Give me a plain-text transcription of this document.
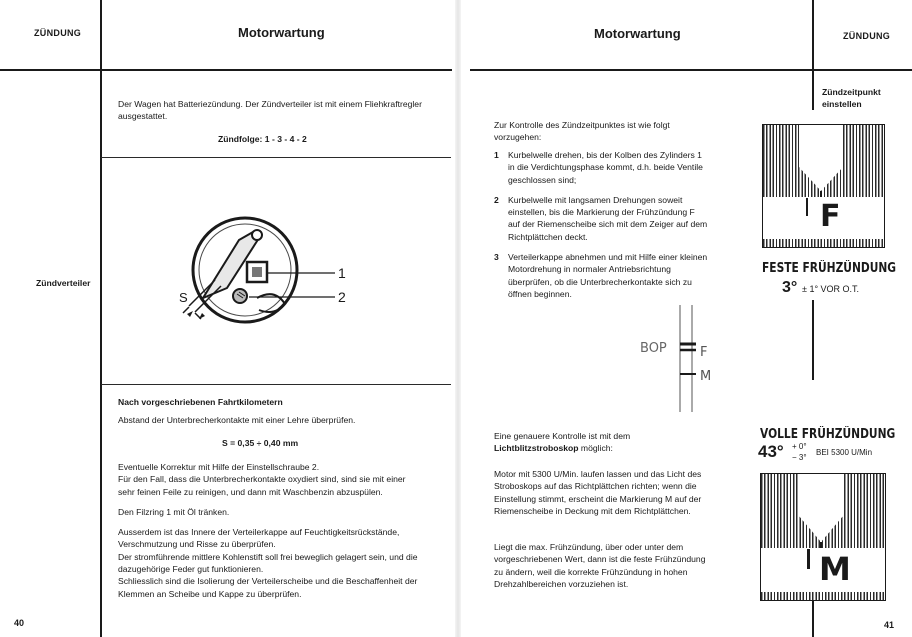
ZÜNDUNG	Motorwartung
Der Wagen hat Batteriezündung. Der Zündverteiler ist mit einem Fliehkraftregler ausgestattet.
Zündfolge: 1 - 3 - 4 - 2
Zündverteiler
S
1
2
Nach vorgeschriebenen Fahrtkilometern
Abstand der Unterbrecherkontakte mit einer Lehre überprüfen.
S = 0,35 ÷ 0,40 mm
Eventuelle Korrektur mit Hilfe der Einstellschraube 2.

Für den Fall, dass die Unterbrecherkontakte oxydiert sind, sind sie mit einer sehr feinen Feile zu reinigen, und dann mit Waschbenzin abzuspülen.

Den Filzring 1 mit Öl tränken.

Ausserdem ist das Innere der Verteilerkappe auf Feuchtigkeitsrückstände, Verschmutzung und Risse zu überprüfen.
Der stromführende mittlere Kohlenstift soll frei beweglich gelagert sein, und die dazugehörige Feder gut funktionieren.
Schliesslich sind die Isolierung der Verteilerscheibe und die Beschaffenheit der Klemmen an Scheibe und Kappe zu überprüfen.
40
Motorwartung	ZÜNDUNG
Zündzeitpunkt einstellen
Zur Kontrolle des Zündzeitpunktes ist wie folgt vorzugehen:
1	Kurbelwelle drehen, bis der Kolben des Zylinders 1 in die Verdichtungsphase kommt, d.h. beide Ventile geschlossen sind;
2	Kurbelwelle mit langsamen Drehungen soweit einstellen, bis die Markierung der Frühzündung F auf der Riemenscheibe sich mit dem Zeiger auf dem Richtplättchen deckt.
3	Verteilerkappe abnehmen und mit Hilfe einer kleinen Motordrehung in normaler Antriebsrichtung überprüfen, ob die Unterbrecherkontakte sich zu öffnen beginnen.
BOP	F
M
Eine genauere Kontrolle ist mit dem Lichtblitzstroboskop möglich:
Motor mit 5300 U/Min. laufen lassen und das Licht des Stroboskops auf das Richtplättchen richten; wenn die Einstellung stimmt, erscheint die Markierung M auf der Riemenscheibe in Deckung mit dem Richtplättchen.
Liegt die max. Frühzündung, über oder unter dem vorgeschriebenen Wert, dann ist die feste Frühzündung zu ändern, weil die korrekte Frühzündung in hohen Drehzahlbereichen vorzuziehen ist.
F
FESTE FRÜHZÜNDUNG
3° ± 1° VOR O.T.
VOLLE FRÜHZÜNDUNG
43° + 0°
− 3°
BEI 5300 U/Min
M
41
